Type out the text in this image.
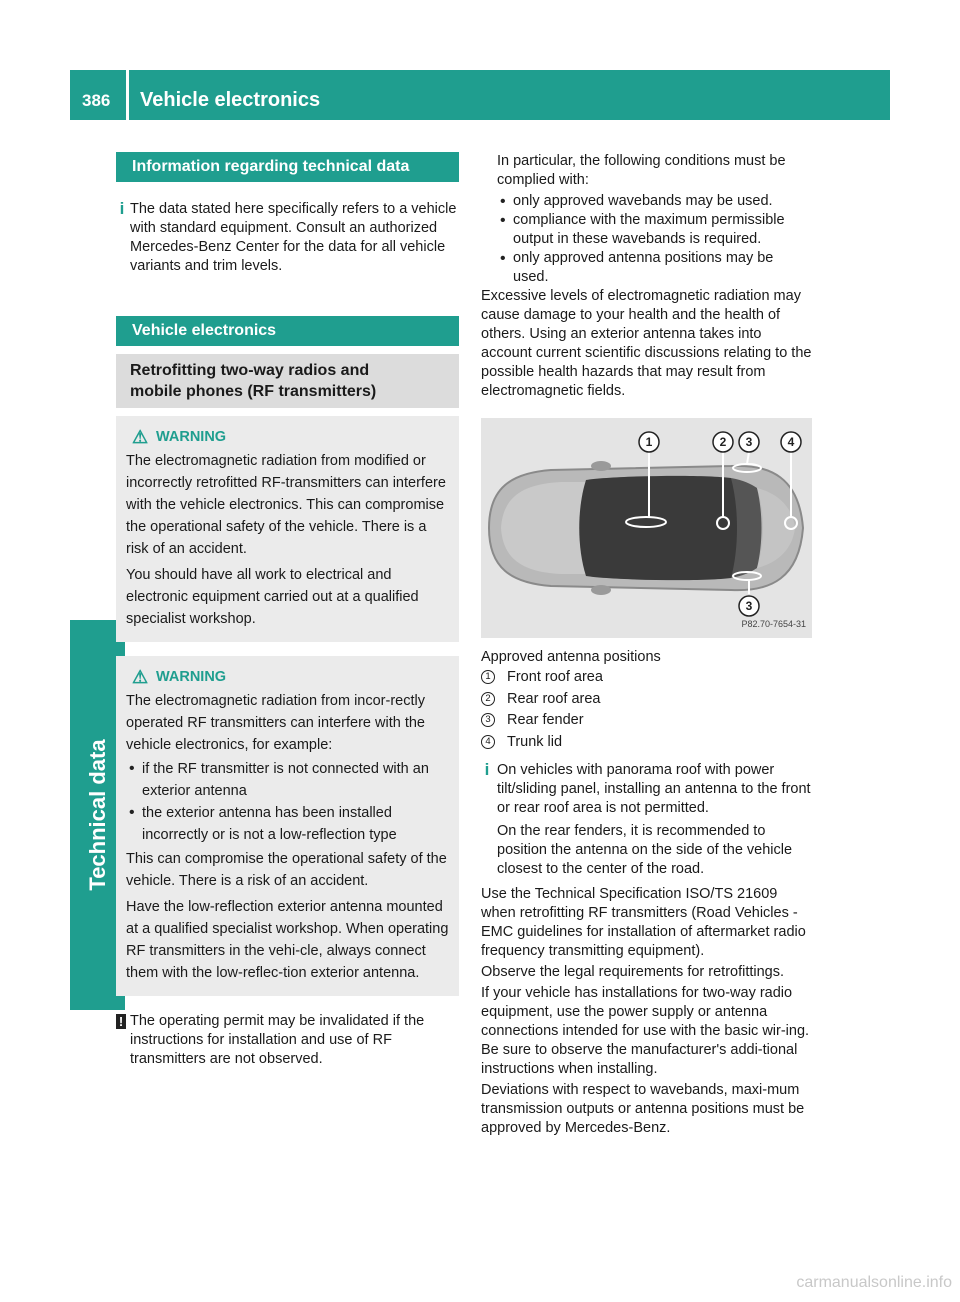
386	Vehicle electronics
Technical data
Information regarding technical data
i The data stated here specifically refers to a vehicle with standard equipment. Consult an authorized Mercedes-Benz Center for the data for all vehicle variants and trim levels.

Vehicle electronics
Retrofitting two-way radios and
mobile phones (RF transmitters)
⚠ WARNING

The electromagnetic radiation from modified or incorrectly retrofitted RF-transmitters can interfere with the vehicle electronics. This can compromise the operational safety of the vehicle. There is a risk of an accident.

You should have all work to electrical and electronic equipment carried out at a qualified specialist workshop.

⚠ WARNING

The electromagnetic radiation from incor-rectly operated RF transmitters can interfere with the vehicle electronics, for example:

• if the RF transmitter is not connected with an exterior antenna
• the exterior antenna has been installed incorrectly or is not a low-reflection type

This can compromise the operational safety of the vehicle. There is a risk of an accident.

Have the low-reflection exterior antenna mounted at a qualified specialist workshop. When operating RF transmitters in the vehi-cle, always connect them with the low-reflec-tion exterior antenna.

! The operating permit may be invalidated if the instructions for installation and use of RF transmitters are not observed.

In particular, the following conditions must be complied with:

• only approved wavebands may be used.
• compliance with the maximum permissible output in these wavebands is required.
• only approved antenna positions may be used.

Excessive levels of electromagnetic radiation may cause damage to your health and the health of others. Using an exterior antenna takes into account current scientific discussions relating to the possible health hazards that may result from electromagnetic fields.

1	2 3	4
3
P82.70-7654-31

Approved antenna positions

1	Front roof area
2	Rear roof area
3	Rear fender
4	Trunk lid
i On vehicles with panorama roof with power tilt/sliding panel, installing an antenna to the front or rear roof area is not permitted.

On the rear fenders, it is recommended to position the antenna on the side of the vehicle closest to the center of the road.

Use the Technical Specification ISO/TS 21609 when retrofitting RF transmitters (Road Vehicles - EMC guidelines for installation of aftermarket radio frequency transmitting equipment).

Observe the legal requirements for retrofittings.

If your vehicle has installations for two-way radio equipment, use the power supply or antenna connections intended for use with the basic wir-ing. Be sure to observe the manufacturer's addi-tional instructions when installing.

Deviations with respect to wavebands, maxi-mum transmission outputs or antenna positions must be approved by Mercedes-Benz.

carmanualsonline.info
